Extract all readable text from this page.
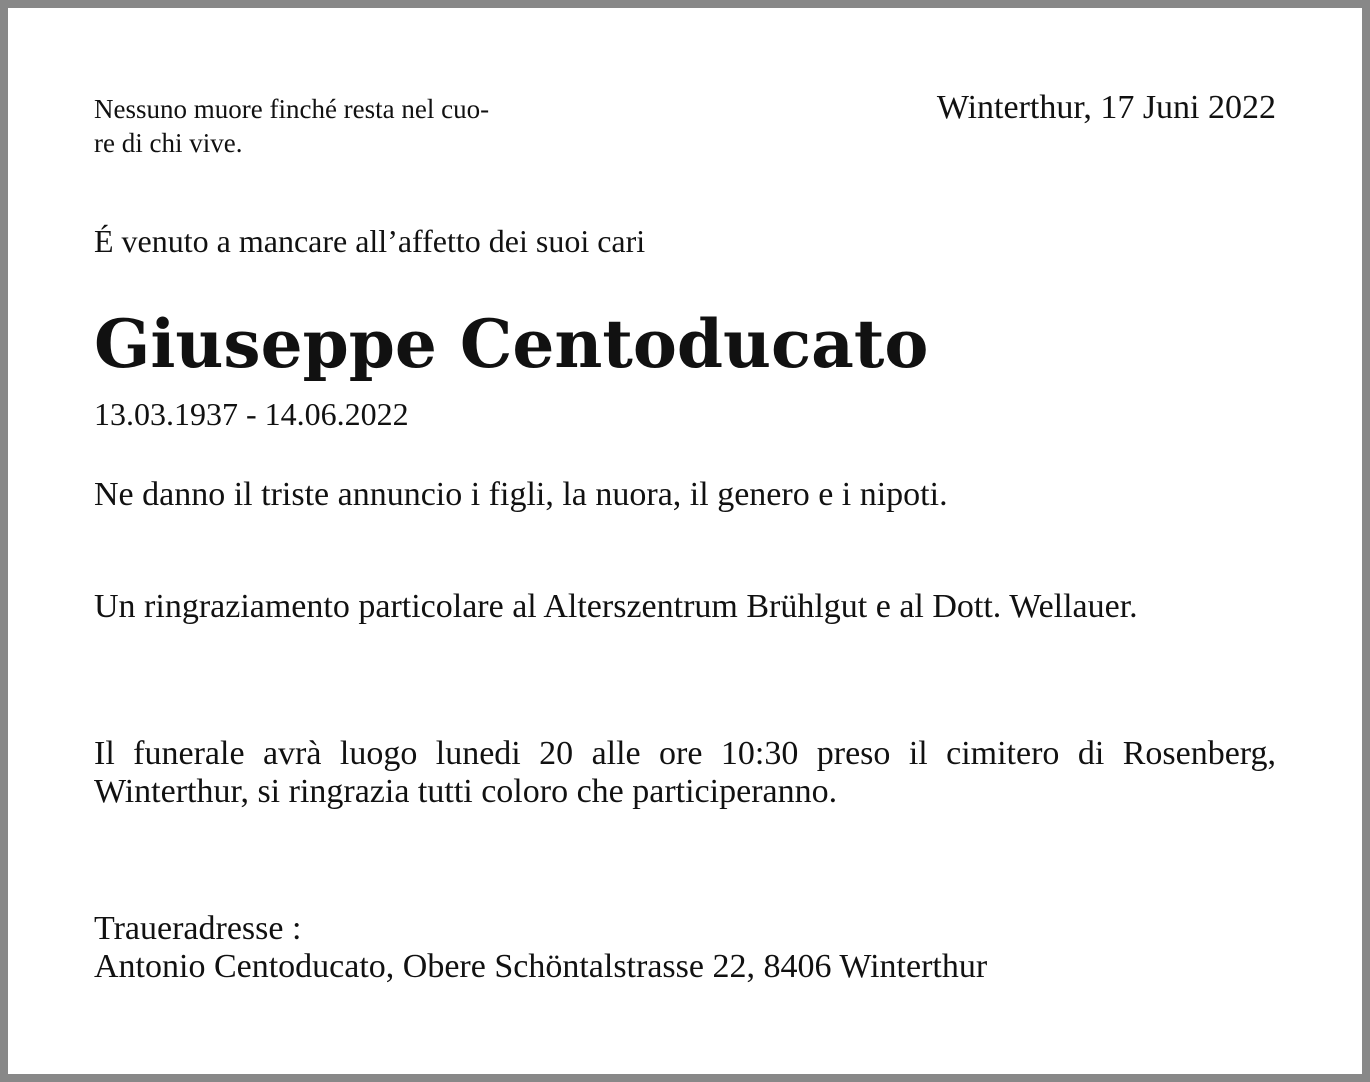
Nessuno muore finché resta nel cuo-
re di chi vive.
Winterthur, 17 Juni 2022
É venuto a mancare all’affetto dei suoi cari
Giuseppe Centoducato
13.03.1937 - 14.06.2022
Ne danno il triste annuncio i figli, la nuora, il genero e i nipoti.
Un ringraziamento particolare al Alterszentrum Brühlgut e al Dott. Wellauer.
Il funerale avrà luogo lunedi 20 alle ore 10:30 preso il cimitero di Rosenberg, Winterthur, si ringrazia tutti coloro che participeranno.
Traueradresse :
Antonio Centoducato, Obere Schöntalstrasse 22, 8406 Winterthur
